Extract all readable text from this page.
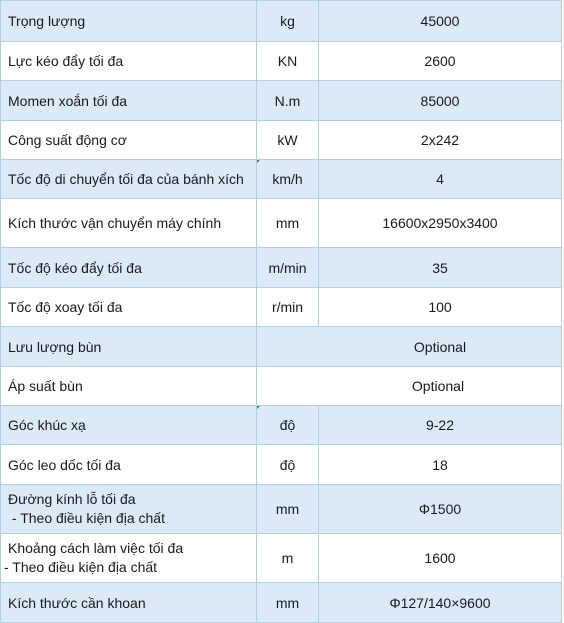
Trọng lượng	kg	45000
Lực kéo đẩy tối đa	KN	2600
Momen xoắn tối đa	N.m	85000
Công suất động cơ	kW	2x242
Tốc độ di chuyển tối đa của bánh xích	km/h	4
Kích thước vận chuyển máy chính	mm	16600x2950x3400
Tốc độ kéo đẩy tối đa	m/min	35
Tốc độ xoay tối đa	r/min	100
Lưu lượng bùn	Optional	
Áp suất bùn	Optional	
Góc khúc xạ	độ	9-22
Góc leo dốc tối đa	độ	18

Đường kính lỗ tối đa
- Theo điều kiện địa chất	mm	Φ1500

Khoảng cách làm việc tối đa
- Theo điều kiện địa chất	m	1600
Kích thước cần khoan	mm	Φ127/140×9600
